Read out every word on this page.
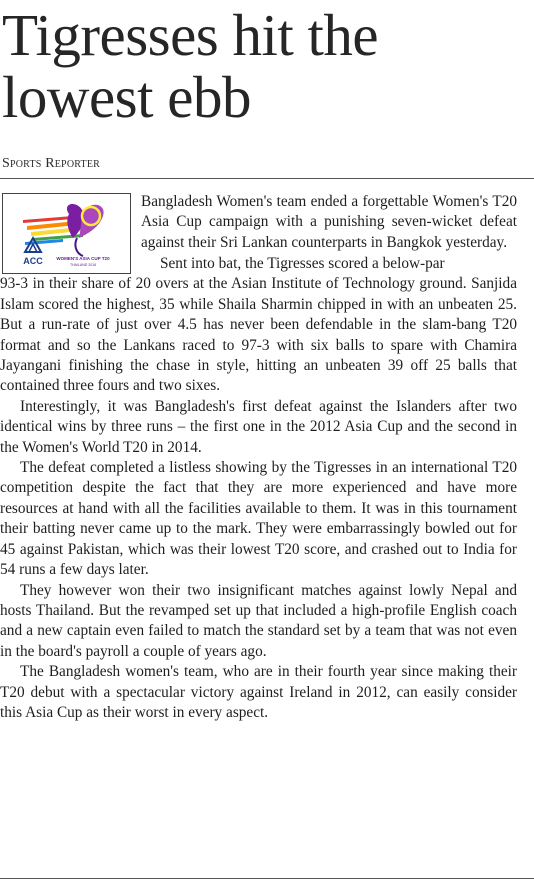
Tigresses hit the lowest ebb
Sports Reporter
ACC	WOMEN'S ASIA CUP T20
THAILAND 2016
Bangladesh Women's team ended a forgettable Women's T20 Asia Cup campaign with a punishing seven-wicket defeat against their Sri Lankan counterparts in Bangkok yesterday.

Sent into bat, the Tigresses scored a below-par

93-3 in their share of 20 overs at the Asian Institute of Technology ground. Sanjida Islam scored the highest, 35 while Shaila Sharmin chipped in with an unbeaten 25. But a run-rate of just over 4.5 has never been defendable in the slam-bang T20 format and so the Lankans raced to 97-3 with six balls to spare with Chamira Jayangani finishing the chase in style, hitting an unbeaten 39 off 25 balls that contained three fours and two sixes.

Interestingly, it was Bangladesh's first defeat against the Islanders after two identical wins by three runs – the first one in the 2012 Asia Cup and the second in the Women's World T20 in 2014.

The defeat completed a listless showing by the Tigresses in an international T20 competition despite the fact that they are more experienced and have more resources at hand with all the facilities available to them. It was in this tournament their batting never came up to the mark. They were embarrassingly bowled out for 45 against Pakistan, which was their lowest T20 score, and crashed out to India for 54 runs a few days later.

They however won their two insignificant matches against lowly Nepal and hosts Thailand. But the revamped set up that included a high-profile English coach and a new captain even failed to match the standard set by a team that was not even in the board's payroll a couple of years ago.

The Bangladesh women's team, who are in their fourth year since making their T20 debut with a spectacular victory against Ireland in 2012, can easily consider this Asia Cup as their worst in every aspect.
